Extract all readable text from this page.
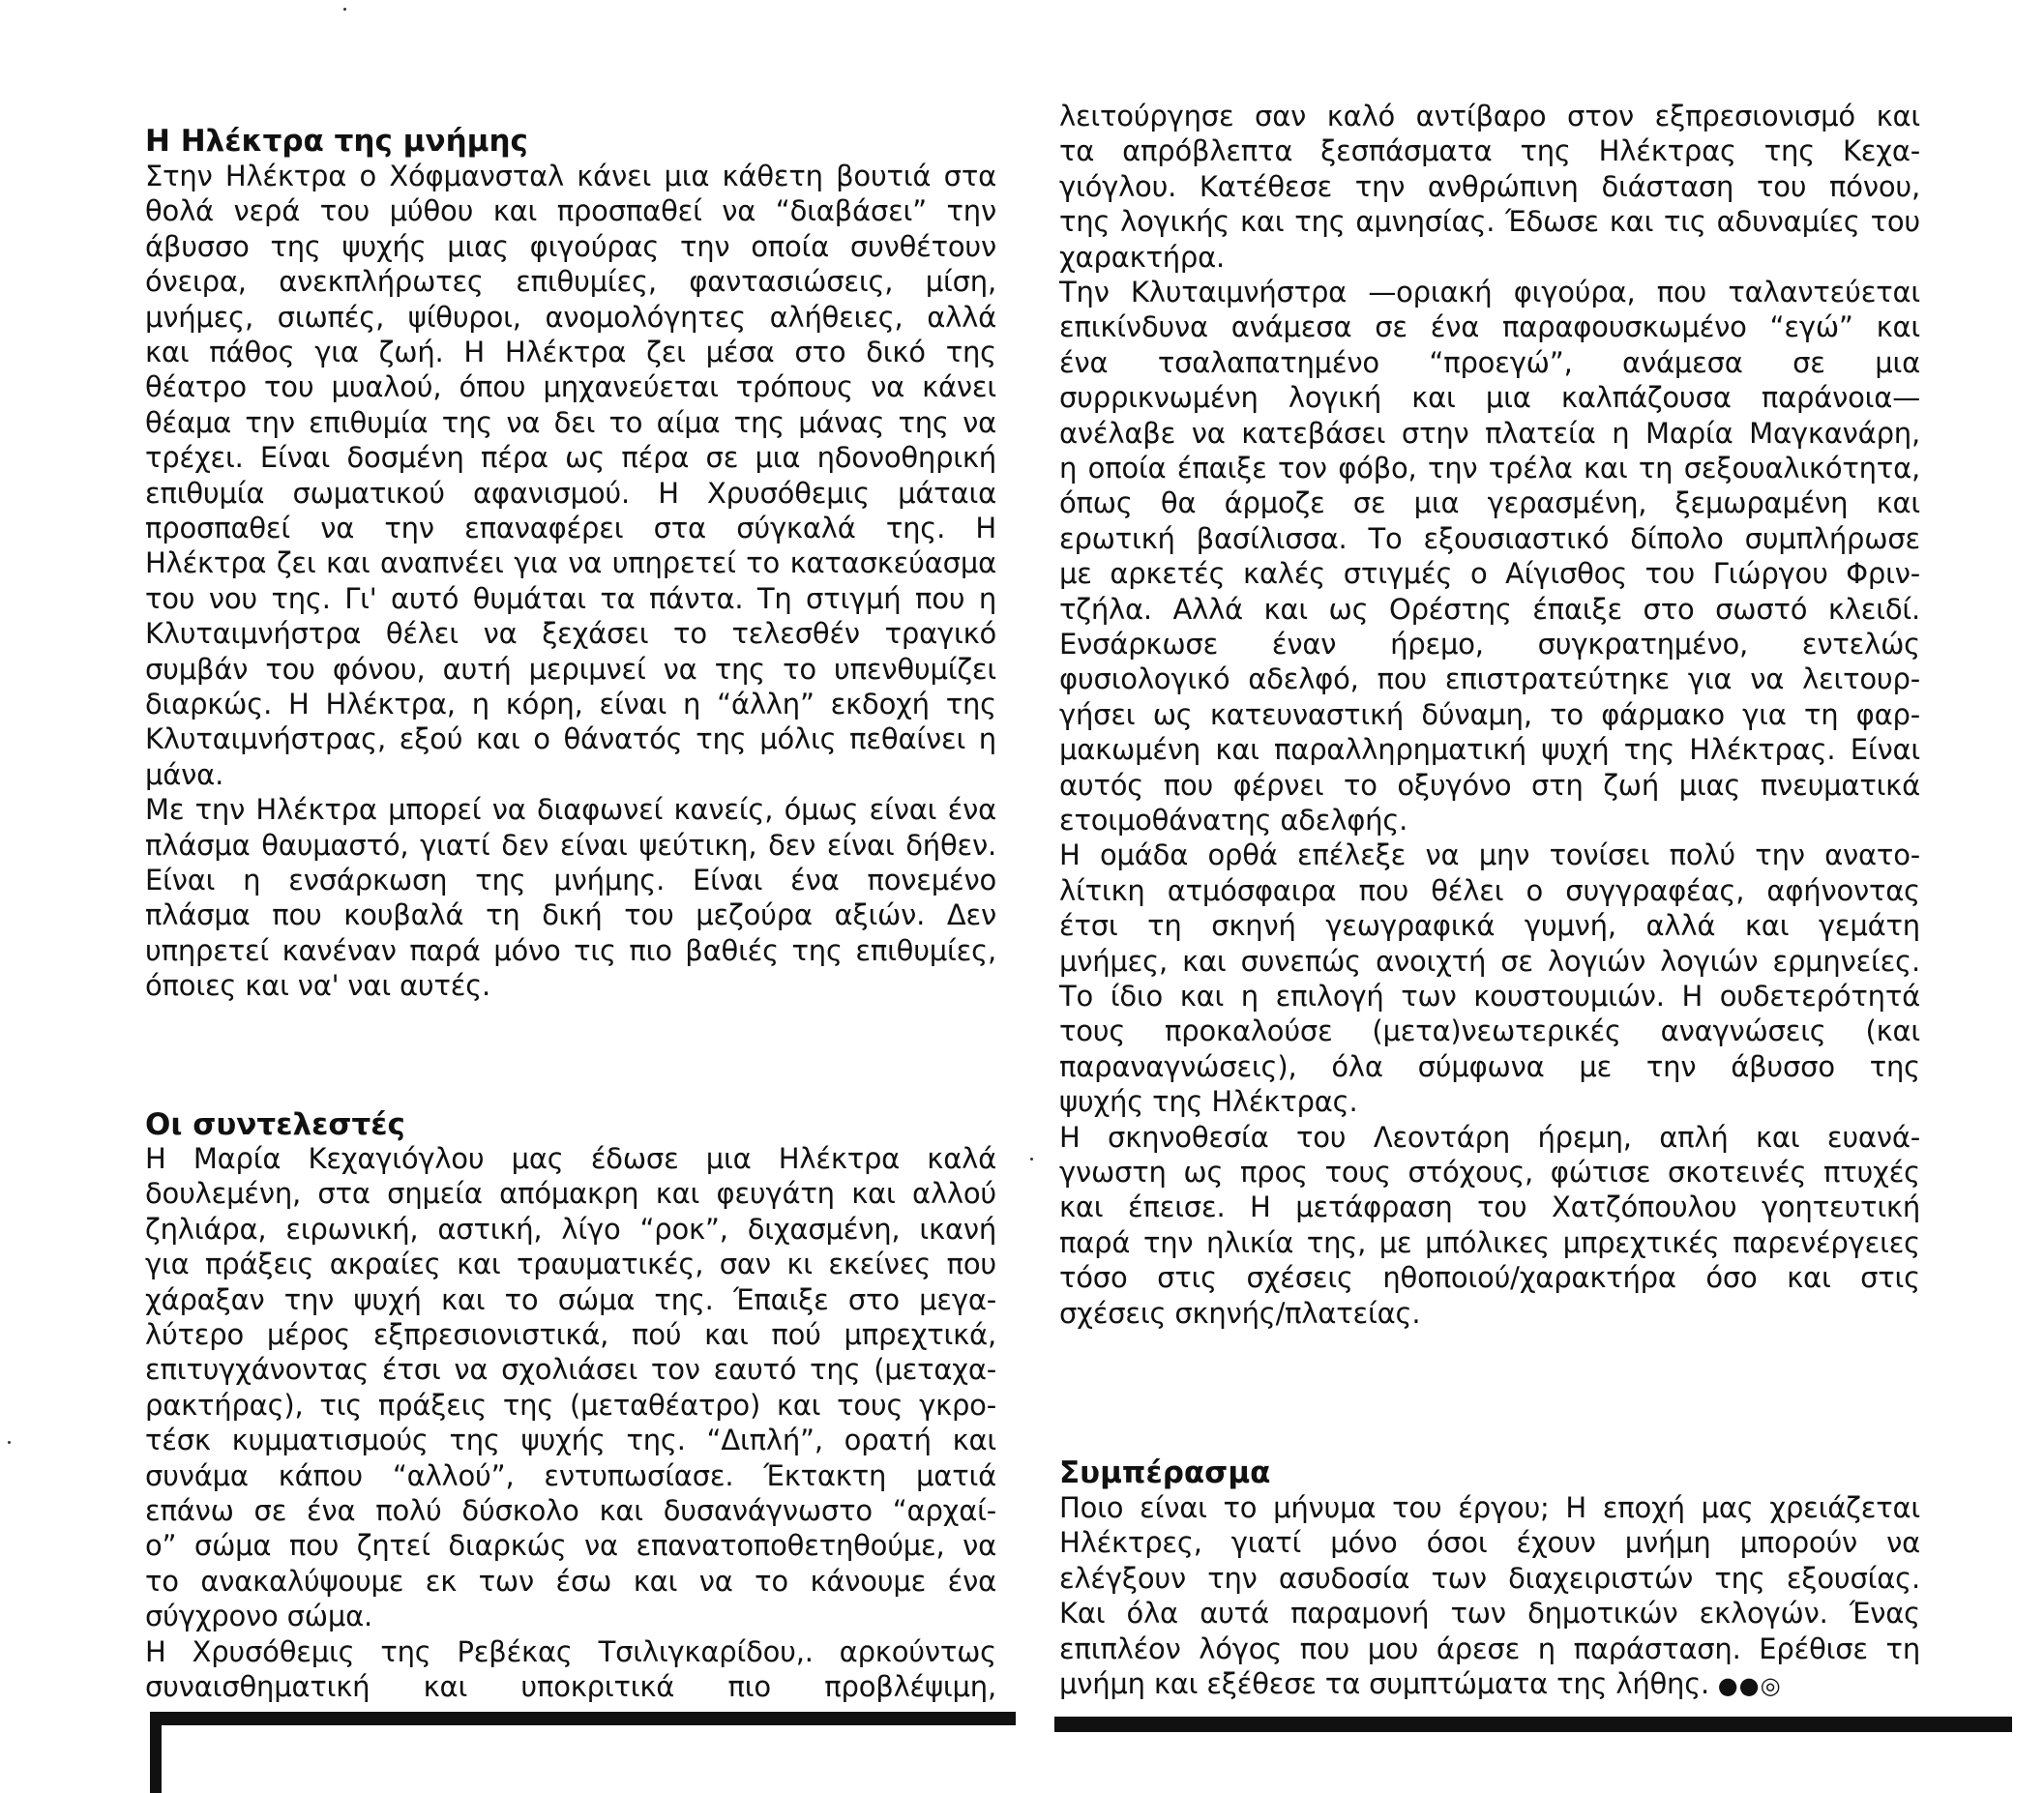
Η Ηλέκτρα της μνήμης
Στην Ηλέκτρα ο Χόφμανσταλ κάνει μια κάθετη βουτιά στα
θολά νερά του μύθου και προσπαθεί να “διαβάσει” την
άβυσσο της ψυχής μιας φιγούρας την οποία συνθέτουν
όνειρα, ανεκπλήρωτες επιθυμίες, φαντασιώσεις, μίση,
μνήμες, σιωπές, ψίθυροι, ανομολόγητες αλήθειες, αλλά
και πάθος για ζωή. Η Ηλέκτρα ζει μέσα στο δικό της
θέατρο του μυαλού, όπου μηχανεύεται τρόπους να κάνει
θέαμα την επιθυμία της να δει το αίμα της μάνας της να
τρέχει. Είναι δοσμένη πέρα ως πέρα σε μια ηδονοθηρική
επιθυμία σωματικού αφανισμού. Η Χρυσόθεμις μάταια
προσπαθεί να την επαναφέρει στα σύγκαλά της. Η
Ηλέκτρα ζει και αναπνέει για να υπηρετεί το κατασκεύασμα
του νου της. Γι' αυτό θυμάται τα πάντα. Τη στιγμή που η
Κλυταιμνήστρα θέλει να ξεχάσει το τελεσθέν τραγικό
συμβάν του φόνου, αυτή μεριμνεί να της το υπενθυμίζει
διαρκώς. Η Ηλέκτρα, η κόρη, είναι η “άλλη” εκδοχή της
Κλυταιμνήστρας, εξού και ο θάνατός της μόλις πεθαίνει η
μάνα.
Με την Ηλέκτρα μπορεί να διαφωνεί κανείς, όμως είναι ένα
πλάσμα θαυμαστό, γιατί δεν είναι ψεύτικη, δεν είναι δήθεν.
Είναι η ενσάρκωση της μνήμης. Είναι ένα πονεμένο
πλάσμα που κουβαλά τη δική του μεζούρα αξιών. Δεν
υπηρετεί κανέναν παρά μόνο τις πιο βαθιές της επιθυμίες,
όποιες και να' ναι αυτές.
Οι συντελεστές
Η Μαρία Κεχαγιόγλου μας έδωσε μια Ηλέκτρα καλά
δουλεμένη, στα σημεία απόμακρη και φευγάτη και αλλού
ζηλιάρα, ειρωνική, αστική, λίγο “ροκ”, διχασμένη, ικανή
για πράξεις ακραίες και τραυματικές, σαν κι εκείνες που
χάραξαν την ψυχή και το σώμα της. Έπαιξε στο μεγα-
λύτερο μέρος εξπρεσιονιστικά, πού και πού μπρεχτικά,
επιτυγχάνοντας έτσι να σχολιάσει τον εαυτό της (μεταχα-
ρακτήρας), τις πράξεις της (μεταθέατρο) και τους γκρο-
τέσκ κυμματισμούς της ψυχής της. “Διπλή”, ορατή και
συνάμα κάπου “αλλού”, εντυπωσίασε. Έκτακτη ματιά
επάνω σε ένα πολύ δύσκολο και δυσανάγνωστο “αρχαί-
ο” σώμα που ζητεί διαρκώς να επανατοποθετηθούμε, να
το ανακαλύψουμε εκ των έσω και να το κάνουμε ένα
σύγχρονο σώμα.
Η Χρυσόθεμις της Ρεβέκας Τσιλιγκαρίδου,. αρκούντως
συναισθηματική και υποκριτικά πιο προβλέψιμη,
λειτούργησε σαν καλό αντίβαρο στον εξπρεσιονισμό και
τα απρόβλεπτα ξεσπάσματα της Ηλέκτρας της Κεχα-
γιόγλου. Κατέθεσε την ανθρώπινη διάσταση του πόνου,
της λογικής και της αμνησίας. Έδωσε και τις αδυναμίες του
χαρακτήρα.
Την Κλυταιμνήστρα —οριακή φιγούρα, που ταλαντεύεται
επικίνδυνα ανάμεσα σε ένα παραφουσκωμένο “εγώ” και
ένα τσαλαπατημένο “προεγώ”, ανάμεσα σε μια
συρρικνωμένη λογική και μια καλπάζουσα παράνοια—
ανέλαβε να κατεβάσει στην πλατεία η Μαρία Μαγκανάρη,
η οποία έπαιξε τον φόβο, την τρέλα και τη σεξουαλικότητα,
όπως θα άρμοζε σε μια γερασμένη, ξεμωραμένη και
ερωτική βασίλισσα. Το εξουσιαστικό δίπολο συμπλήρωσε
με αρκετές καλές στιγμές ο Αίγισθος του Γιώργου Φριν-
τζήλα. Αλλά και ως Ορέστης έπαιξε στο σωστό κλειδί.
Ενσάρκωσε έναν ήρεμο, συγκρατημένο, εντελώς
φυσιολογικό αδελφό, που επιστρατεύτηκε για να λειτουρ-
γήσει ως κατευναστική δύναμη, το φάρμακο για τη φαρ-
μακωμένη και παραλληρηματική ψυχή της Ηλέκτρας. Είναι
αυτός που φέρνει το οξυγόνο στη ζωή μιας πνευματικά
ετοιμοθάνατης αδελφής.
Η ομάδα ορθά επέλεξε να μην τονίσει πολύ την ανατο-
λίτικη ατμόσφαιρα που θέλει ο συγγραφέας, αφήνοντας
έτσι τη σκηνή γεωγραφικά γυμνή, αλλά και γεμάτη
μνήμες, και συνεπώς ανοιχτή σε λογιών λογιών ερμηνείες.
Το ίδιο και η επιλογή των κουστουμιών. Η ουδετερότητά
τους προκαλούσε (μετα)νεωτερικές αναγνώσεις (και
παραναγνώσεις), όλα σύμφωνα με την άβυσσο της
ψυχής της Ηλέκτρας.
Η σκηνοθεσία του Λεοντάρη ήρεμη, απλή και ευανά-
γνωστη ως προς τους στόχους, φώτισε σκοτεινές πτυχές
και έπεισε. Η μετάφραση του Χατζόπουλου γοητευτική
παρά την ηλικία της, με μπόλικες μπρεχτικές παρενέργειες
τόσο στις σχέσεις ηθοποιού/χαρακτήρα όσο και στις
σχέσεις σκηνής/πλατείας.
Συμπέρασμα
Ποιο είναι το μήνυμα του έργου; Η εποχή μας χρειάζεται
Ηλέκτρες, γιατί μόνο όσοι έχουν μνήμη μπορούν να
ελέγξουν την ασυδοσία των διαχειριστών της εξουσίας.
Και όλα αυτά παραμονή των δημοτικών εκλογών. Ένας
επιπλέον λόγος που μου άρεσε η παράσταση. Ερέθισε τη
μνήμη και εξέθεσε τα συμπτώματα της λήθης. ●●◎
